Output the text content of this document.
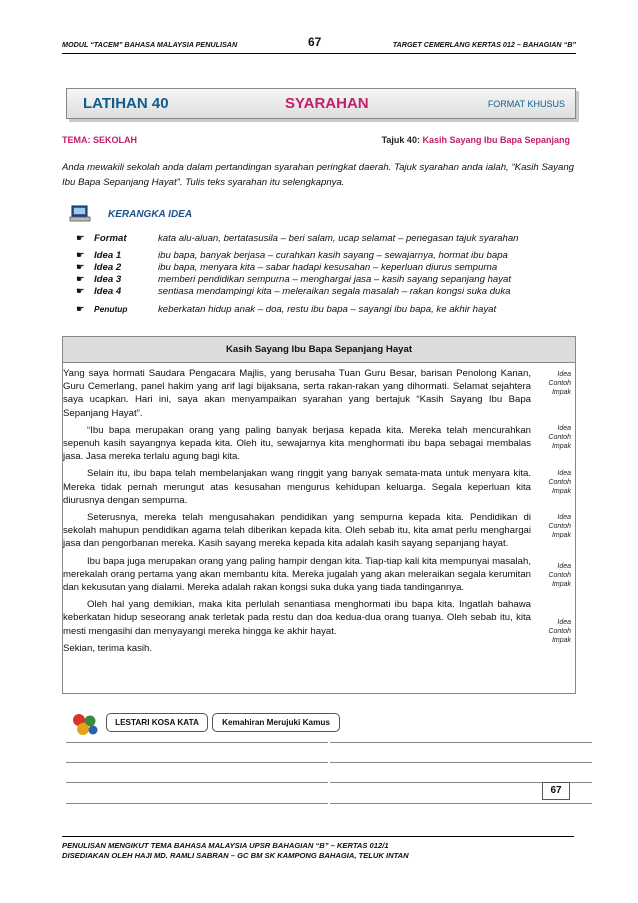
MODUL “TACEM” BAHASA MALAYSIA PENULISAN	67	TARGET CEMERLANG KERTAS 012 – BAHAGIAN “B”
LATIHAN 40	SYARAHAN	FORMAT KHUSUS
TEMA: SEKOLAH	Tajuk 40: Kasih Sayang Ibu Bapa Sepanjang
Anda mewakili sekolah anda dalam pertandingan syarahan peringkat daerah. Tajuk syarahan anda ialah, “Kasih Sayang Ibu Bapa Sepanjang Hayat”. Tulis teks syarahan itu selengkapnya.
KERANGKA IDEA
☛ Format	kata alu-aluan, bertatasusila – beri salam, ucap selamat – penegasan tajuk syarahan
☛ Idea 1	ibu bapa, banyak berjasa – curahkan kasih sayang – sewajarnya, hormat ibu bapa
☛ Idea 2	ibu bapa, menyara kita – sabar hadapi kesusahan – keperluan diurus sempurna
☛ Idea 3	memberi pendidikan sempurna – menghargai jasa – kasih sayang sepanjang hayat
☛ Idea 4	sentiasa mendampingi kita – meleraikan segala masalah – rakan kongsi suka duka
☛ Penutup	keberkatan hidup anak – doa, restu ibu bapa – sayangi ibu bapa, ke akhir hayat
Kasih Sayang Ibu Bapa Sepanjang Hayat

Yang saya hormati Saudara Pengacara Majlis, yang berusaha Tuan Guru Besar, barisan Penolong Kanan, Guru Cemerlang, panel hakim yang arif lagi bijaksana, serta rakan-rakan yang dihormati. Selamat sejahtera saya ucapkan. Hari ini, saya akan menyampaikan syarahan yang bertajuk “Kasih Sayang Ibu Bapa Sepanjang Hayat”.

“Ibu bapa merupakan orang yang paling banyak berjasa kepada kita. Mereka telah mencurahkan sepenuh kasih sayangnya kepada kita. Oleh itu, sewajarnya kita menghormati ibu bapa sebagai membalas jasa. Jasa mereka terlalu agung bagi kita.

Selain itu, ibu bapa telah membelanjakan wang ringgit yang banyak semata-mata untuk menyara kita. Mereka tidak pernah merungut atas kesusahan mengurus kehidupan keluarga. Segala keperluan kita diurusnya dengan sempurna.

Seterusnya, mereka telah mengusahakan pendidikan yang sempurna kepada kita. Pendidikan di sekolah mahupun pendidikan agama telah diberikan kepada kita. Oleh sebab itu, kita amat perlu menghargai jasa dan pengorbanan mereka. Kasih sayang mereka kepada kita adalah kasih sayang sepanjang hayat.

Ibu bapa juga merupakan orang yang paling hampir dengan kita. Tiap-tiap kali kita mempunyai masalah, merekalah orang pertama yang akan membantu kita. Mereka jugalah yang akan meleraikan segala kerumitan dan kekusutan yang dialami. Mereka adalah rakan kongsi suka duka yang tiada tandingannya.

Oleh hal yang demikian, maka kita perlulah senantiasa menghormati ibu bapa kita. Ingatlah bahawa keberkatan hidup seseorang anak terletak pada restu dan doa kedua-dua orang tuanya. Oleh sebab itu, kita mesti mengasihi dan menyayangi mereka hingga ke akhir hayat.

Sekian, terima kasih.

Idea
Contoh
Impak
Idea
Contoh
Impak
Idea
Contoh
Impak
Idea
Contoh
Impak
Idea
Contoh
Impak
Idea
Contoh
Impak
LESTARI KOSA KATA	Kemahiran Merujuki Kamus
67
PENULISAN MENGIKUT TEMA BAHASA MALAYSIA UPSR BAHAGIAN “B” – KERTAS 012/1
DISEDIAKAN OLEH HAJI MD. RAMLI SABRAN – GC BM SK KAMPONG BAHAGIA, TELUK INTAN
